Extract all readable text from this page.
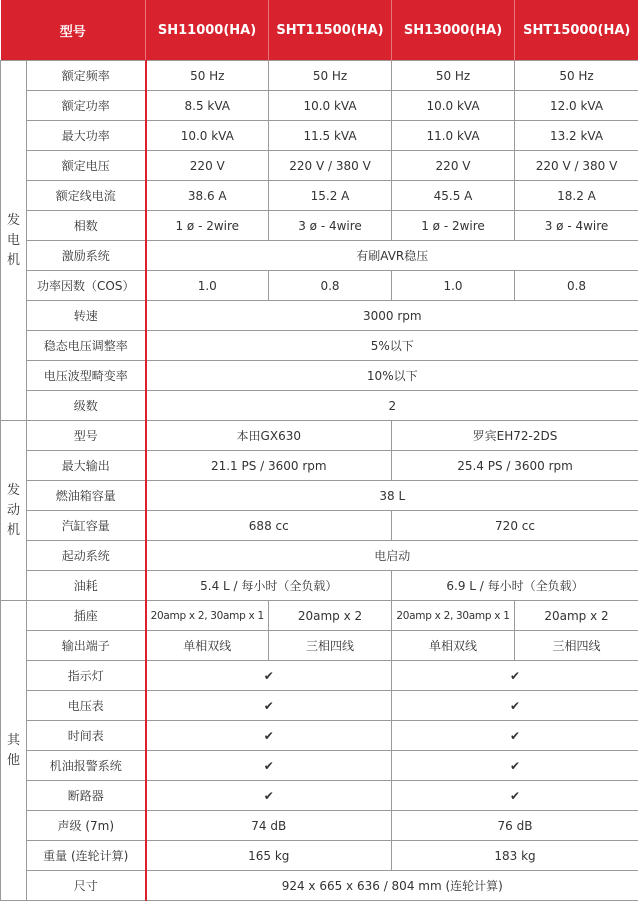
型号		SH11000(HA)	SHT11500(HA)	SH13000(HA)	SHT15000(HA)
发电机	额定频率	50 Hz	50 Hz	50 Hz	50 Hz
	额定功率	8.5 kVA	10.0 kVA	10.0 kVA	12.0 kVA
	最大功率	10.0 kVA	11.5 kVA	11.0 kVA	13.2 kVA
	额定电压	220 V	220 V / 380 V	220 V	220 V / 380 V
	额定线电流	38.6 A	15.2 A	45.5 A	18.2 A
	相数	1 ø - 2wire	3 ø - 4wire	1 ø - 2wire	3 ø - 4wire
	激励系统	有刷AVR稳压			
	功率因数（COS）	1.0	0.8	1.0	0.8
	转速	3000 rpm			
	稳态电压调整率	5%以下			
	电压波型畸变率	10%以下			
	级数	2			
发动机	型号	本田GX630		罗宾EH72-2DS	
	最大输出	21.1 PS / 3600 rpm		25.4 PS / 3600 rpm	
	燃油箱容量	38 L			
	汽缸容量	688 cc		720 cc	
	起动系统	电启动			
	油耗	5.4 L / 每小时（全负载）		6.9 L / 每小时（全负载）	
其他	插座	20amp x 2, 30amp x 1	20amp x 2	20amp x 2, 30amp x 1	20amp x 2
	输出端子	单相双线	三相四线	单相双线	三相四线
	指示灯	✔		✔	
	电压表	✔		✔	
	时间表	✔		✔	
	机油报警系统	✔		✔	
	断路器	✔		✔	
	声级 (7m)	74 dB		76 dB	
	重量 (连轮计算)	165 kg		183 kg	
	尺寸	924 x 665 x 636 / 804 mm (连轮计算)			
